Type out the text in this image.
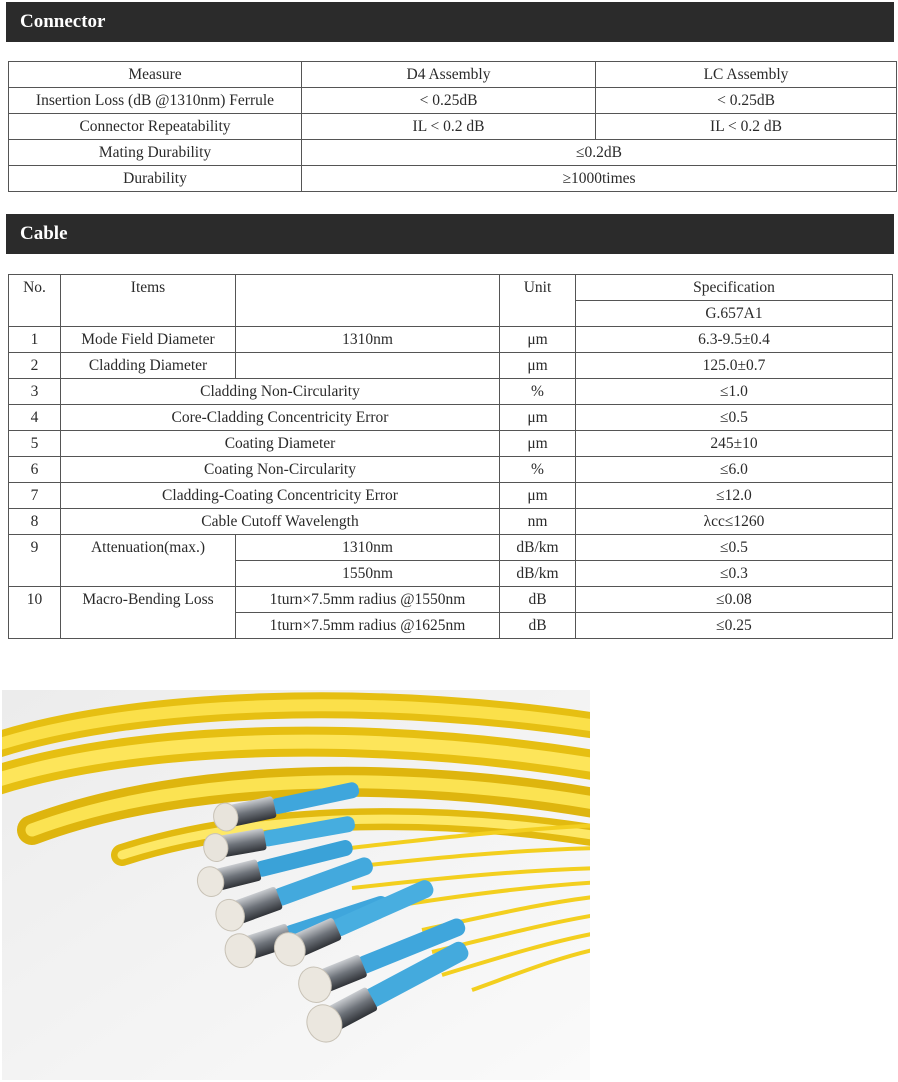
Connector
Measure	D4 Assembly	LC Assembly
Insertion Loss (dB @1310nm) Ferrule	< 0.25dB	< 0.25dB
Connector Repeatability	IL < 0.2 dB	IL < 0.2 dB
Mating Durability	≤0.2dB	
Durability	≥1000times	
Cable
No.	Items		Unit	Specification
				G.657A1
1	Mode Field Diameter	1310nm	μm	6.3-9.5±0.4
2	Cladding Diameter		μm	125.0±0.7
3	Cladding Non-Circularity		%	≤1.0
4	Core-Cladding Concentricity Error		μm	≤0.5
5	Coating Diameter		μm	245±10
6	Coating Non-Circularity		%	≤6.0
7	Cladding-Coating Concentricity Error		μm	≤12.0
8	Cable Cutoff Wavelength		nm	λcc≤1260
9	Attenuation(max.)	1310nm	dB/km	≤0.5
		1550nm	dB/km	≤0.3
10	Macro-Bending Loss	1turn×7.5mm radius @1550nm	dB	≤0.08
		1turn×7.5mm radius @1625nm	dB	≤0.25
